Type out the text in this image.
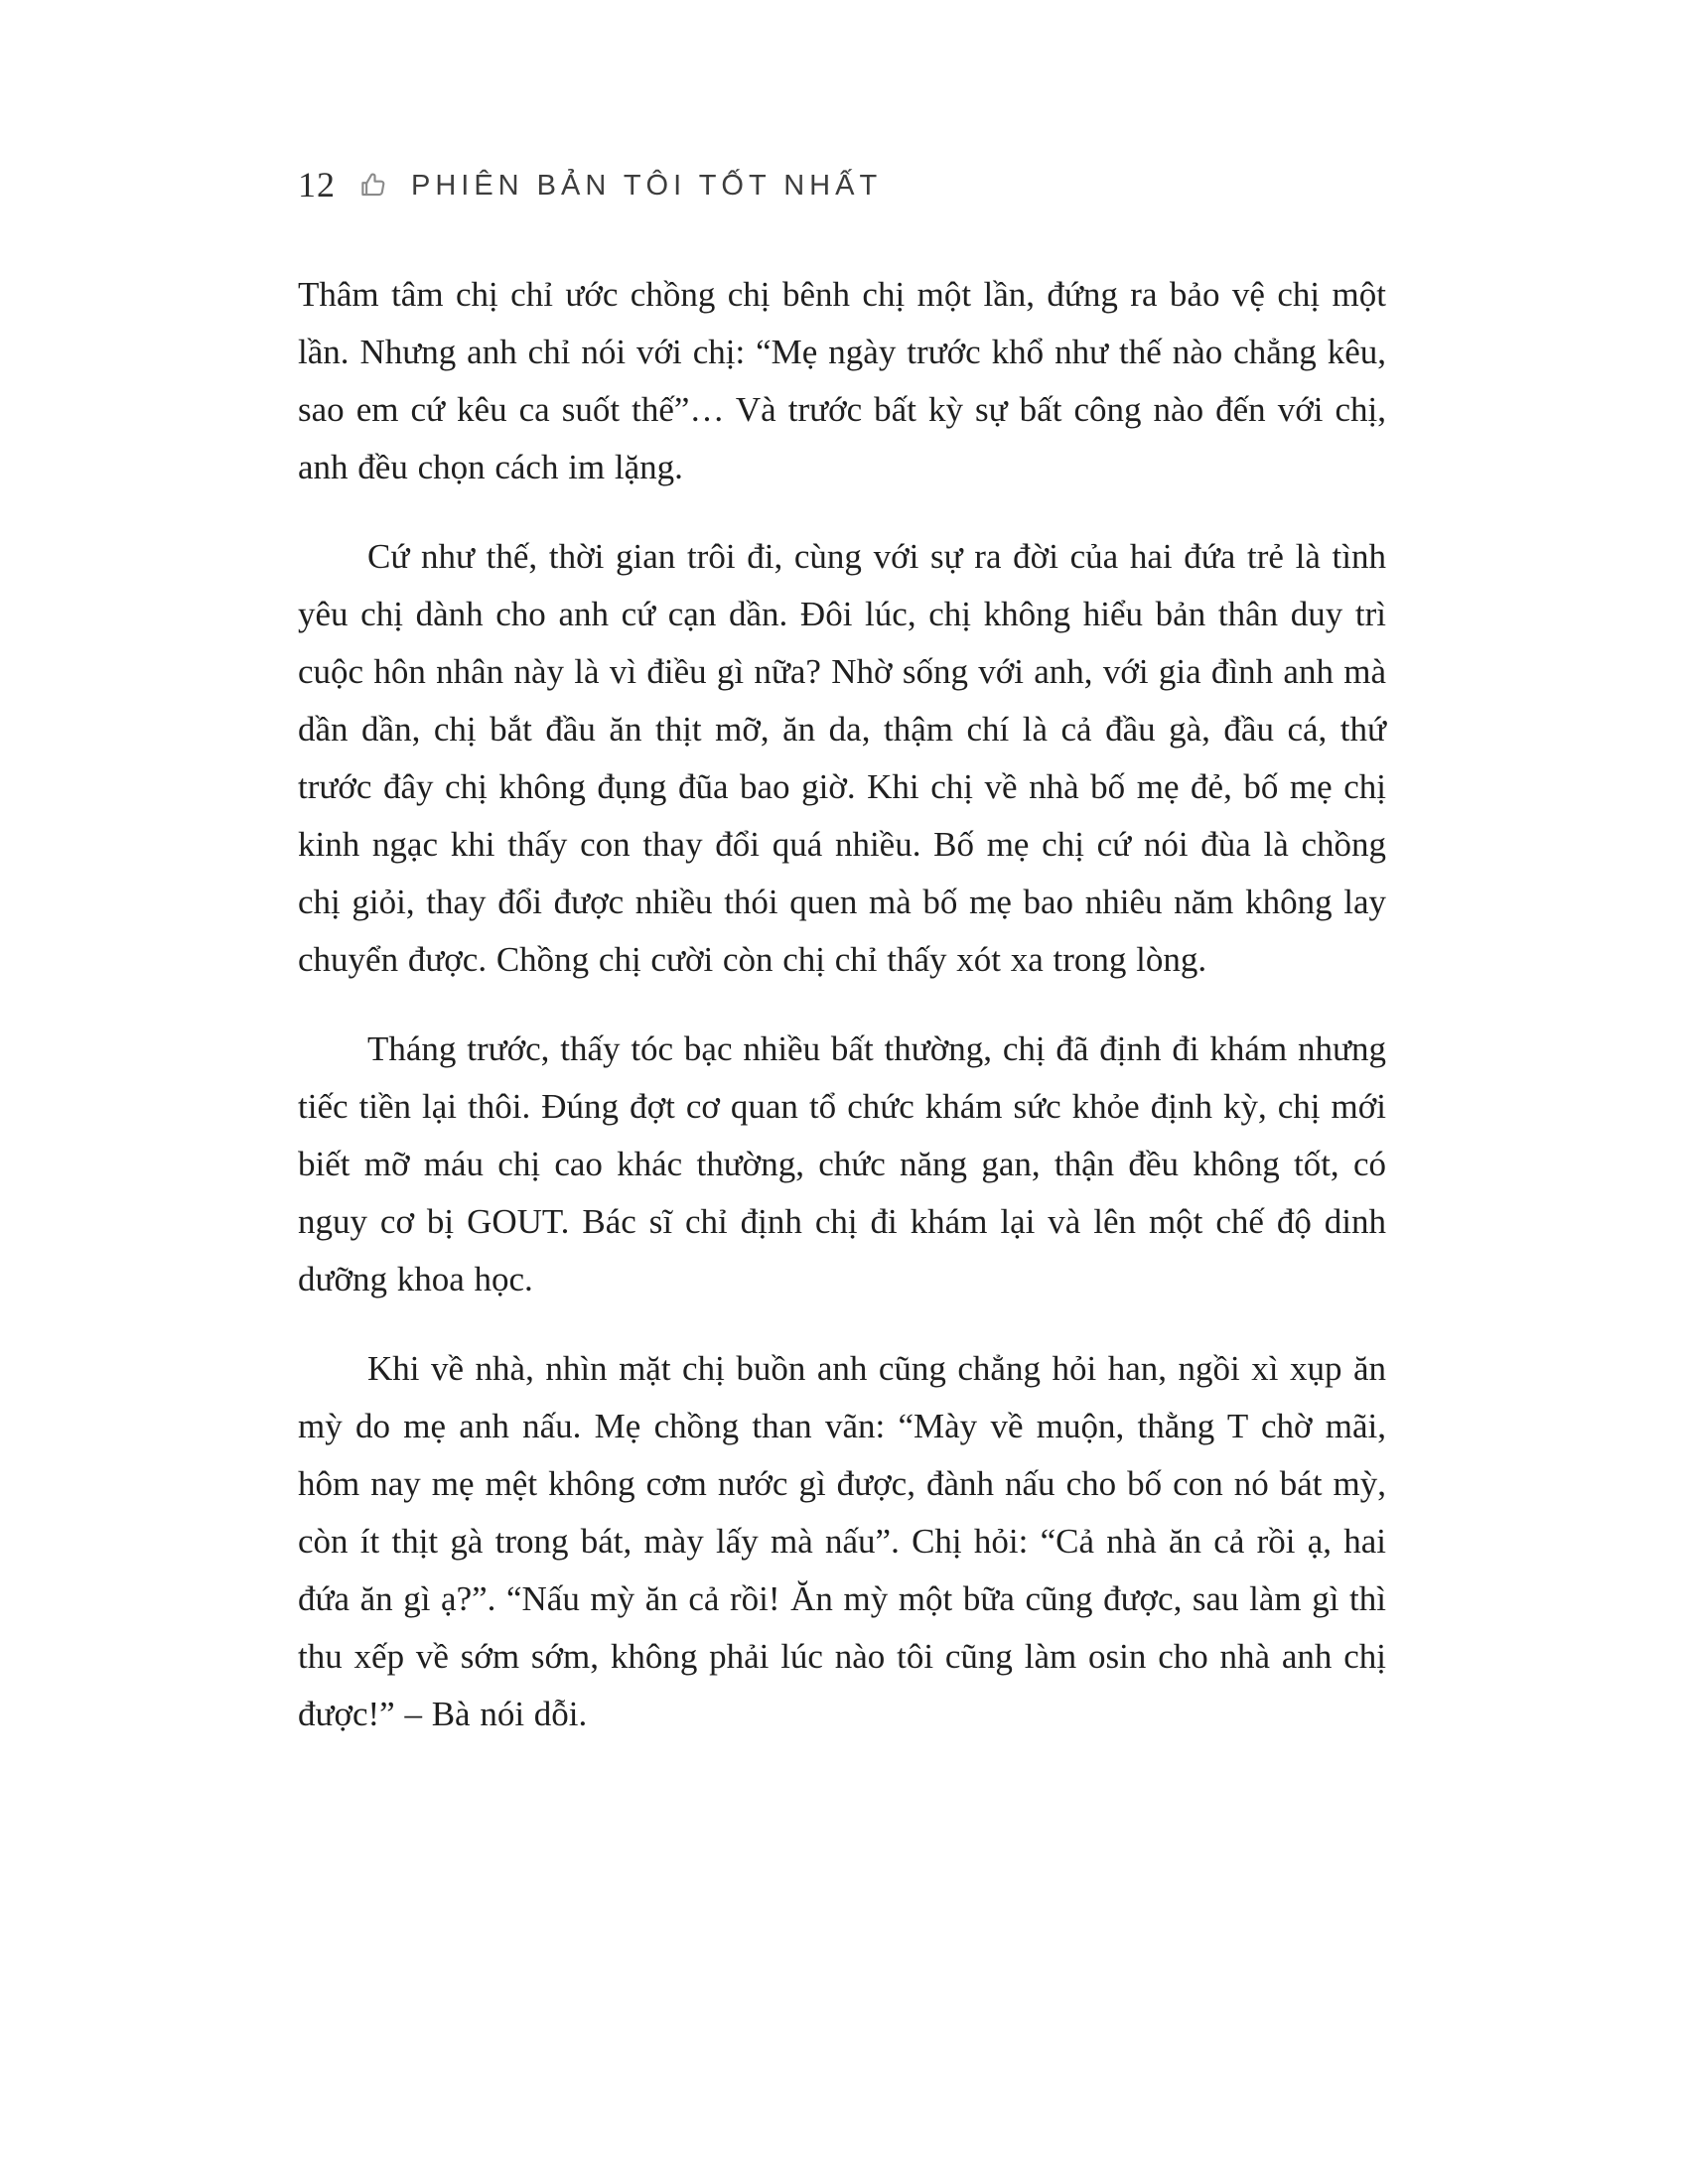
12	PHIÊN BẢN TÔI TỐT NHẤT

Thâm tâm chị chỉ ước chồng chị bênh chị một lần, đứng ra bảo vệ chị một lần. Nhưng anh chỉ nói với chị: “Mẹ ngày trước khổ như thế nào chẳng kêu, sao em cứ kêu ca suốt thế”… Và trước bất kỳ sự bất công nào đến với chị, anh đều chọn cách im lặng.

Cứ như thế, thời gian trôi đi, cùng với sự ra đời của hai đứa trẻ là tình yêu chị dành cho anh cứ cạn dần. Đôi lúc, chị không hiểu bản thân duy trì cuộc hôn nhân này là vì điều gì nữa? Nhờ sống với anh, với gia đình anh mà dần dần, chị bắt đầu ăn thịt mỡ, ăn da, thậm chí là cả đầu gà, đầu cá, thứ trước đây chị không đụng đũa bao giờ. Khi chị về nhà bố mẹ đẻ, bố mẹ chị kinh ngạc khi thấy con thay đổi quá nhiều. Bố mẹ chị cứ nói đùa là chồng chị giỏi, thay đổi được nhiều thói quen mà bố mẹ bao nhiêu năm không lay chuyển được. Chồng chị cười còn chị chỉ thấy xót xa trong lòng.

Tháng trước, thấy tóc bạc nhiều bất thường, chị đã định đi khám nhưng tiếc tiền lại thôi. Đúng đợt cơ quan tổ chức khám sức khỏe định kỳ, chị mới biết mỡ máu chị cao khác thường, chức năng gan, thận đều không tốt, có nguy cơ bị GOUT. Bác sĩ chỉ định chị đi khám lại và lên một chế độ dinh dưỡng khoa học.

Khi về nhà, nhìn mặt chị buồn anh cũng chẳng hỏi han, ngồi xì xụp ăn mỳ do mẹ anh nấu. Mẹ chồng than vãn: “Mày về muộn, thằng T chờ mãi, hôm nay mẹ mệt không cơm nước gì được, đành nấu cho bố con nó bát mỳ, còn ít thịt gà trong bát, mày lấy mà nấu”. Chị hỏi: “Cả nhà ăn cả rồi ạ, hai đứa ăn gì ạ?”. “Nấu mỳ ăn cả rồi! Ăn mỳ một bữa cũng được, sau làm gì thì thu xếp về sớm sớm, không phải lúc nào tôi cũng làm osin cho nhà anh chị được!” – Bà nói dỗi.
